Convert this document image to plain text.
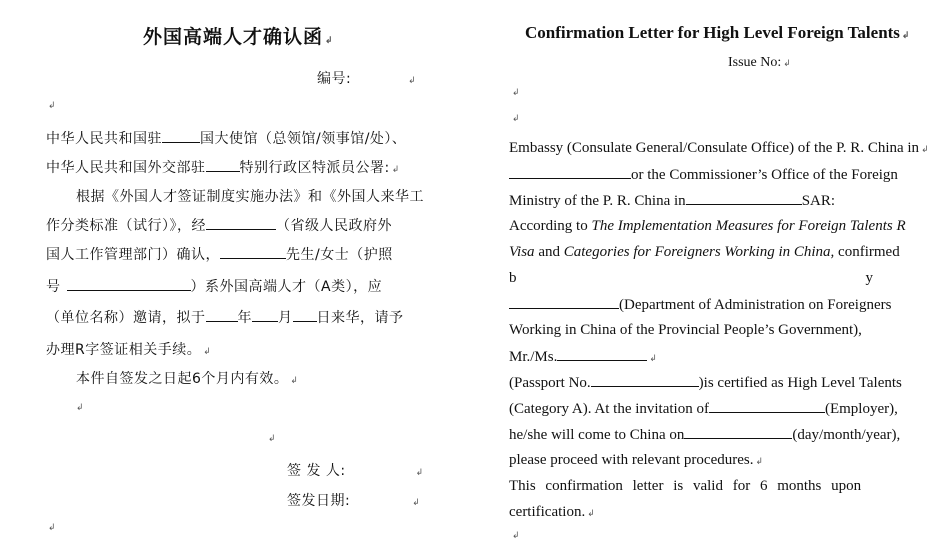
外国高端人才确认函 ↲
编号:	↲
↲
中华人民共和国驻	国大使馆（总领馆/领事馆/处）、
中华人民共和国外交部驻 特别行政区特派员公署: ↲
根据《外国人才签证制度实施办法》和《外国人来华工
作分类标准（试行）》，经	（省级人民政府外
国人工作管理部门）确认，	先生/女士（护照
号	）系外国高端人才（A类），应
（单位名称）邀请，拟于 年 月 日来华，请予
办理R字签证相关手续。 ↲
本件自签发之日起6个月内有效。 ↲
↲
↲
签 发 人:	↲
签发日期:	↲
↲
Confirmation Letter for High Level Foreign Talents ↲
Issue No: ↲
↲
↲
Embassy (Consulate General/Consulate Office) of the P. R. China in ↲
or the Commissioner’s Office of the Foreign
Ministry of the P. R. China in	SAR:
According to The Implementation Measures for Foreign Talents R
Visa and Categories for Foreigners Working in China, confirmed
b	y
(Department of Administration on Foreigners
Working in China of the Provincial People’s Government),
Mr./Ms.	↲
(Passport No.	)is certified as High Level Talents
(Category A). At the invitation of	(Employer),
he/she will come to China on	(day/month/year),
please proceed with relevant procedures. ↲
This confirmation letter is valid for 6 months upon
certification. ↲
↲
